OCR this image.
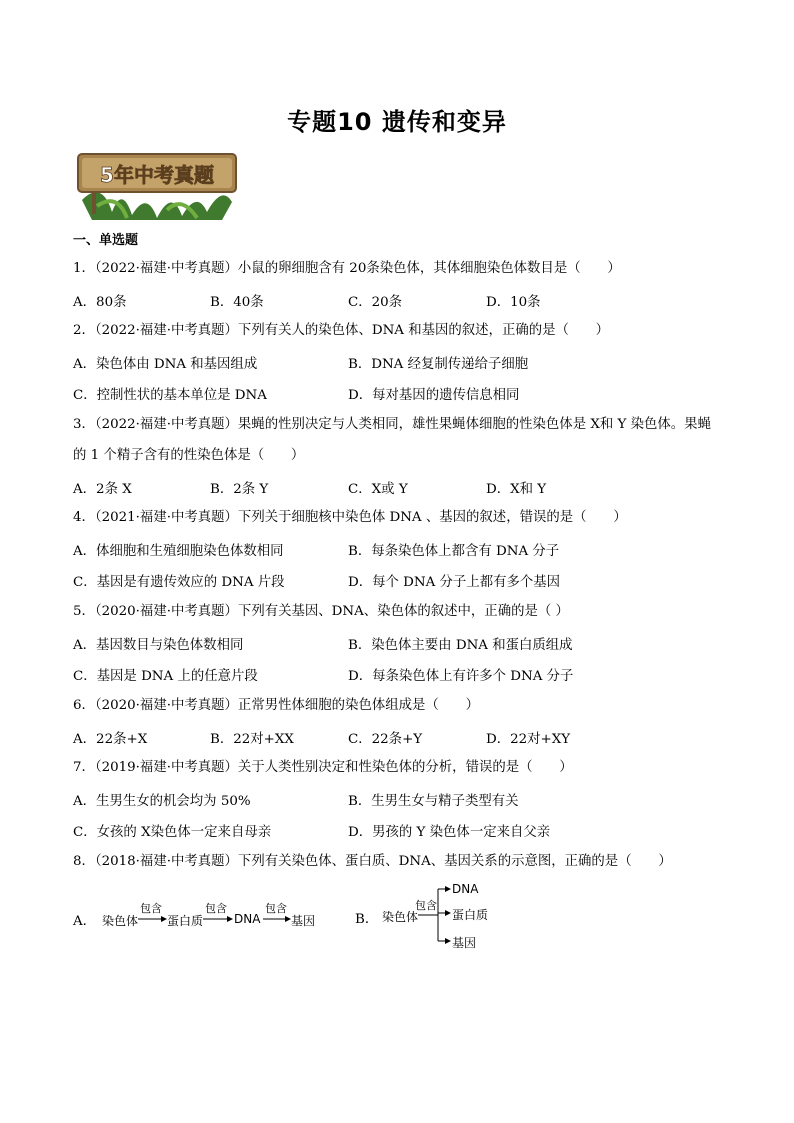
专题10 遗传和变异
5年中考真题
一、单选题
1．（2022·福建·中考真题）小鼠的卵细胞含有 20条染色体，其体细胞染色体数目是（　　）
A．80条	B．40条	C．20条	D．10条
2．（2022·福建·中考真题）下列有关人的染色体、DNA 和基因的叙述，正确的是（　　）
A．染色体由 DNA 和基因组成	B．DNA 经复制传递给子细胞
C．控制性状的基本单位是 DNA	D．每对基因的遗传信息相同
3．（2022·福建·中考真题）果蝇的性别决定与人类相同，雄性果蝇体细胞的性染色体是 X和 Y 染色体。果蝇的 1 个精子含有的性染色体是（　　）
A．2条 X	B．2条 Y	C．X或 Y	D．X和 Y
4．（2021·福建·中考真题）下列关于细胞核中染色体 DNA 、基因的叙述，错误的是（　　）
A．体细胞和生殖细胞染色体数相同	B．每条染色体上都含有 DNA 分子
C．基因是有遗传效应的 DNA 片段	D．每个 DNA 分子上都有多个基因
5．（2020·福建·中考真题）下列有关基因、DNA、染色体的叙述中，正确的是（ ）
A．基因数目与染色体数相同	B．染色体主要由 DNA 和蛋白质组成
C．基因是 DNA 上的任意片段	D．每条染色体上有许多个 DNA 分子
6．（2020·福建·中考真题）正常男性体细胞的染色体组成是（　　）
A．22条+X	B．22对+XX	C．22条+Y	D．22对+XY
7．（2019·福建·中考真题）关于人类性别决定和性染色体的分析，错误的是（　　）
A．生男生女的机会均为 50%	B．生男生女与精子类型有关
C．女孩的 X染色体一定来自母亲	D．男孩的 Y 染色体一定来自父亲
8．（2018·福建·中考真题）下列有关染色体、蛋白质、DNA、基因关系的示意图，正确的是（　　）
A．	B．
染色体
包含
蛋白质
包含
DNA
包含
基因	染色体
包含
DNA
蛋白质
基因
